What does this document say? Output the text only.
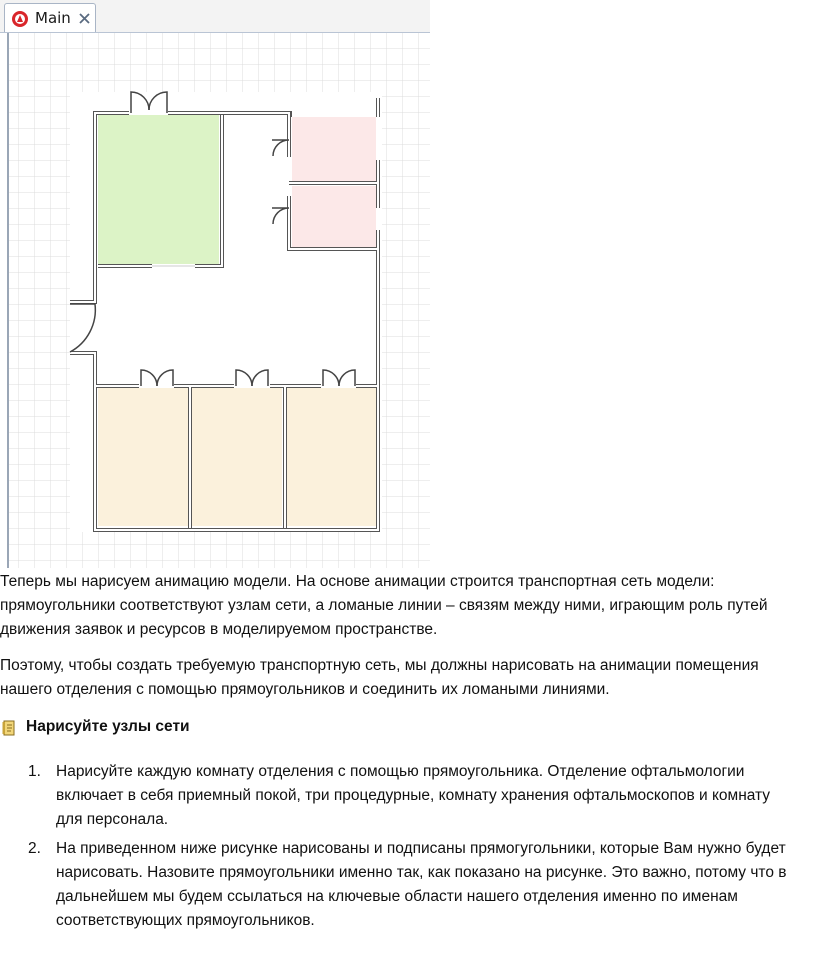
Main
Теперь мы нарисуем анимацию модели. На основе анимации строится транспортная сеть модели: прямоугольники соответствуют узлам сети, а ломаные линии – связям между ними, играющим роль путей движения заявок и ресурсов в моделируемом пространстве.
Поэтому, чтобы создать требуемую транспортную сеть, мы должны нарисовать на анимации помещения нашего отделения с помощью прямоугольников и соединить их ломаными линиями.
Нарисуйте узлы сети
1. Нарисуйте каждую комнату отделения с помощью прямоугольника. Отделение офтальмологии включает в себя приемный покой, три процедурные, комнату хранения офтальмоскопов и комнату для персонала.
2. На приведенном ниже рисунке нарисованы и подписаны прямогугольники, которые Вам нужно будет нарисовать. Назовите прямоугольники именно так, как показано на рисунке. Это важно, потому что в дальнейшем мы будем ссылаться на ключевые области нашего отделения именно по именам соответствующих прямоугольников.
